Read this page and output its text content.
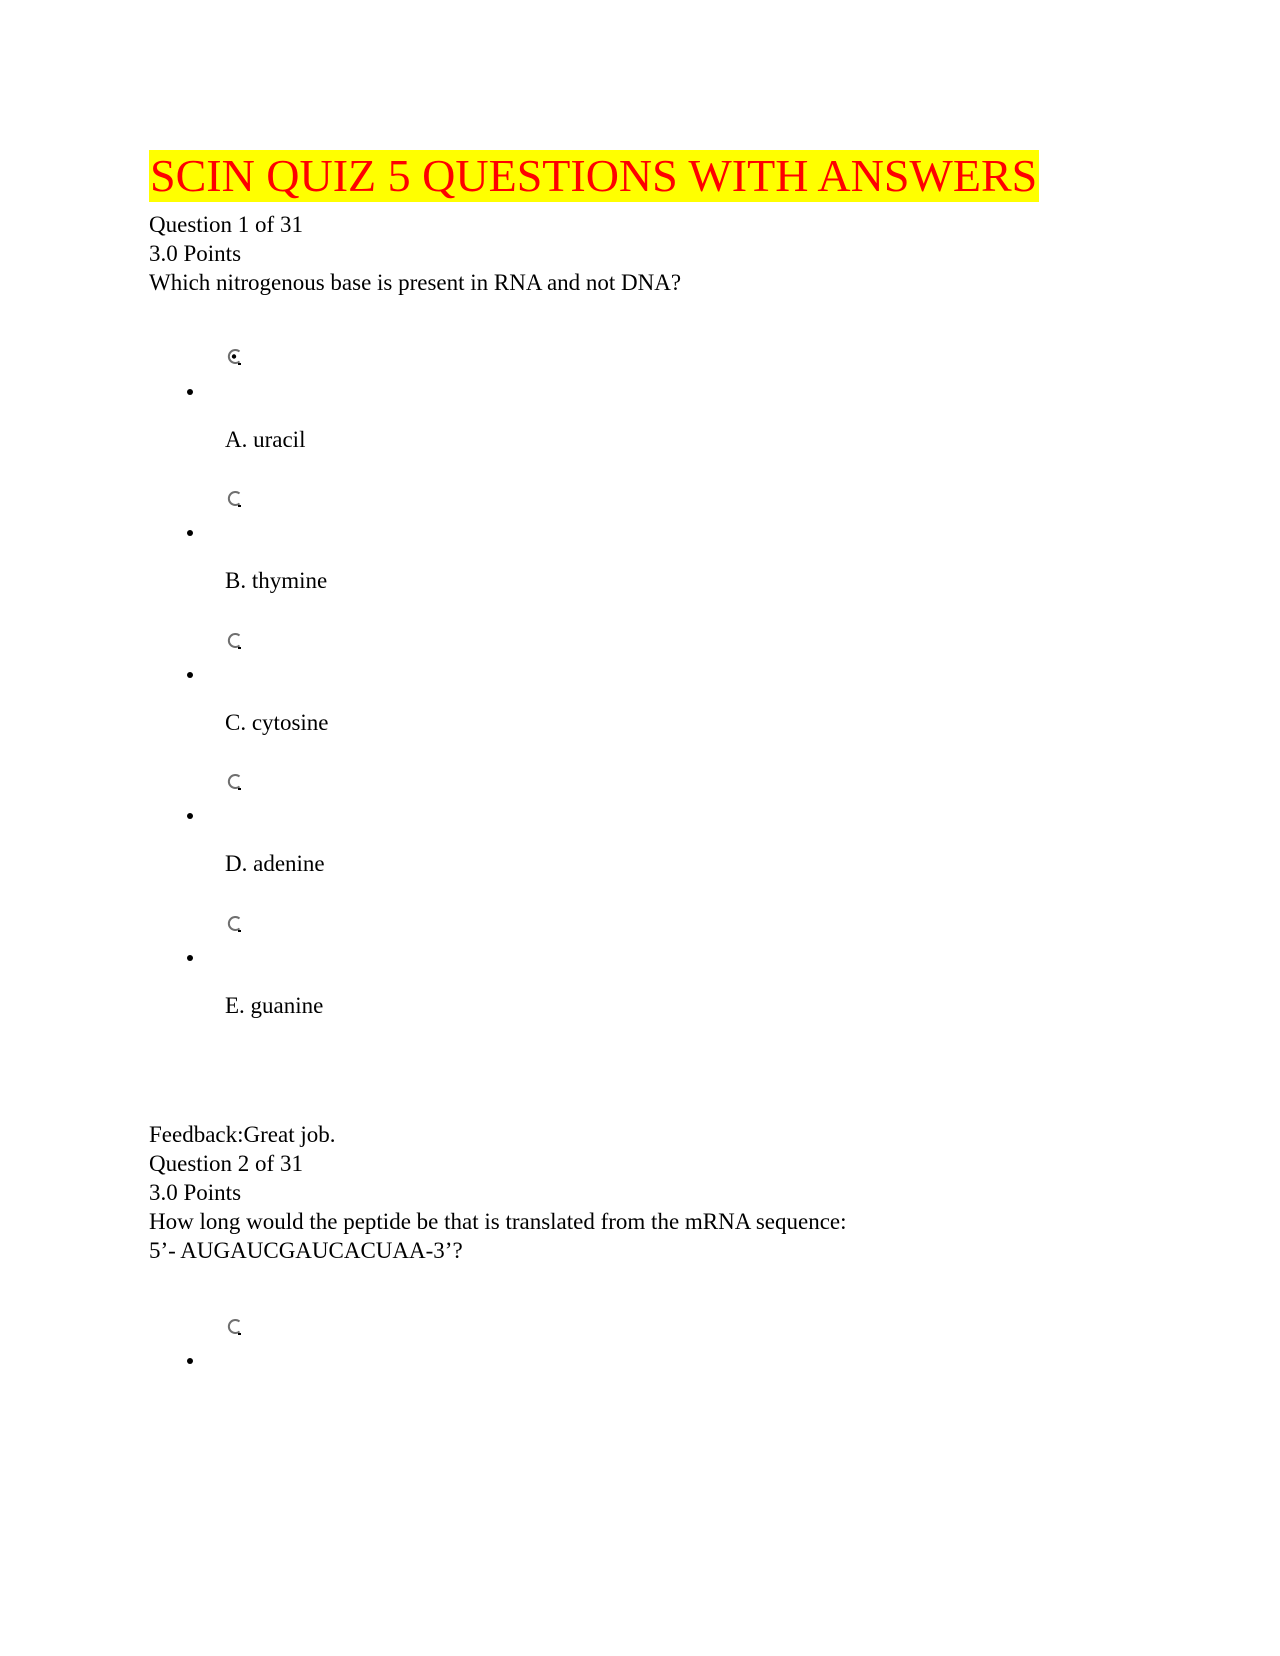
SCIN QUIZ 5 QUESTIONS WITH ANSWERS
Question 1 of 31
3.0 Points
Which nitrogenous base is present in RNA and not DNA?
A. uracil
B. thymine
C. cytosine
D. adenine
E. guanine
Feedback:Great job.
Question 2 of 31
3.0 Points
How long would the peptide be that is translated from the mRNA sequence:
5’- AUGAUCGAUCACUAA-3’?
